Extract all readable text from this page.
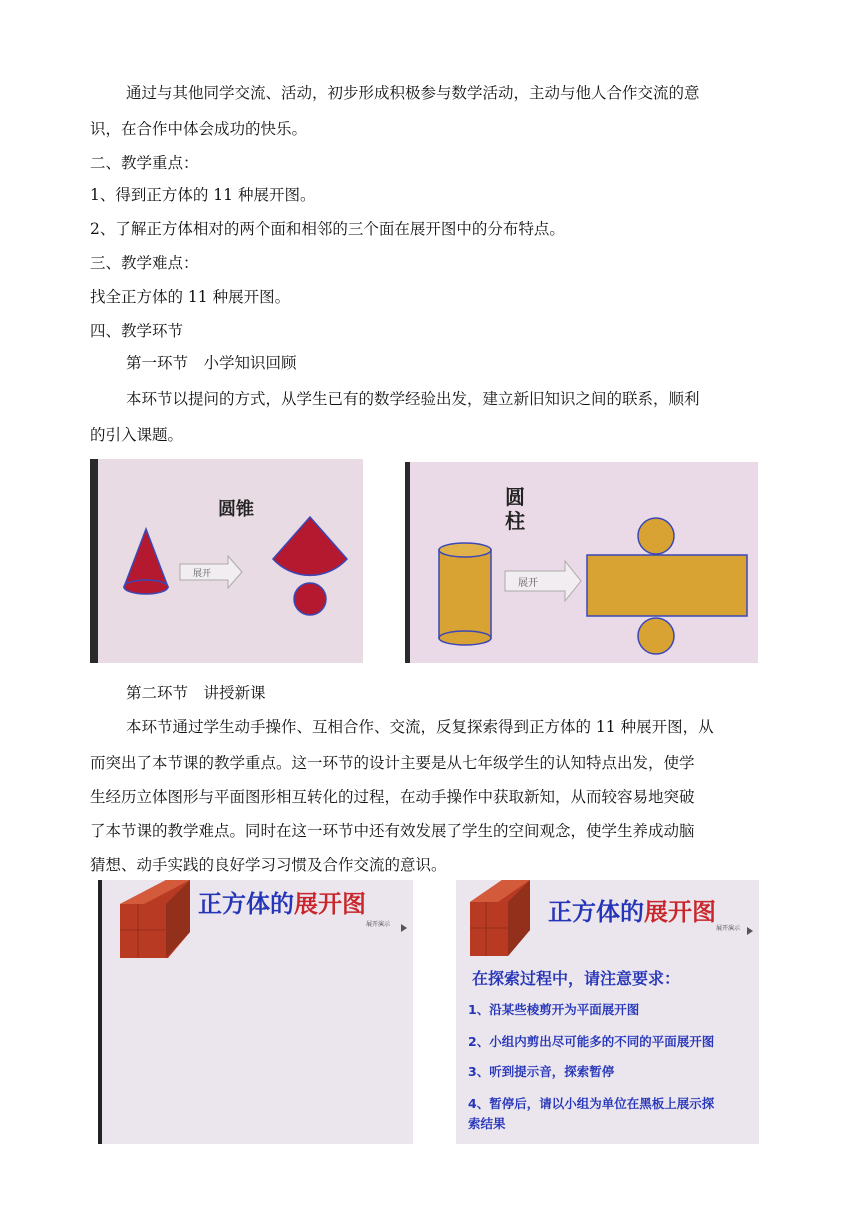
通过与其他同学交流、活动，初步形成积极参与数学活动，主动与他人合作交流的意
识，在合作中体会成功的快乐。
二、教学重点：
1、得到正方体的 11 种展开图。
2、了解正方体相对的两个面和相邻的三个面在展开图中的分布特点。
三、教学难点：
找全正方体的 11 种展开图。
四、教学环节
第一环节　小学知识回顾
本环节以提问的方式，从学生已有的数学经验出发，建立新旧知识之间的联系，顺利
的引入课题。
圆锥
展开
圆
柱
展开
第二环节　讲授新课
本环节通过学生动手操作、互相合作、交流，反复探索得到正方体的 11 种展开图，从
而突出了本节课的教学重点。这一环节的设计主要是从七年级学生的认知特点出发，使学
生经历立体图形与平面图形相互转化的过程，在动手操作中获取新知，从而较容易地突破
了本节课的教学难点。同时在这一环节中还有效发展了学生的空间观念，使学生养成动脑
猜想、动手实践的良好学习习惯及合作交流的意识。
正方体的展开图
展开演示	正方体的展开图
展开演示
在探索过程中，请注意要求：
1、沿某些棱剪开为平面展开图
2、小组内剪出尽可能多的不同的平面展开图
3、听到提示音，探索暂停
4、暂停后，请以小组为单位在黑板上展示探
索结果
